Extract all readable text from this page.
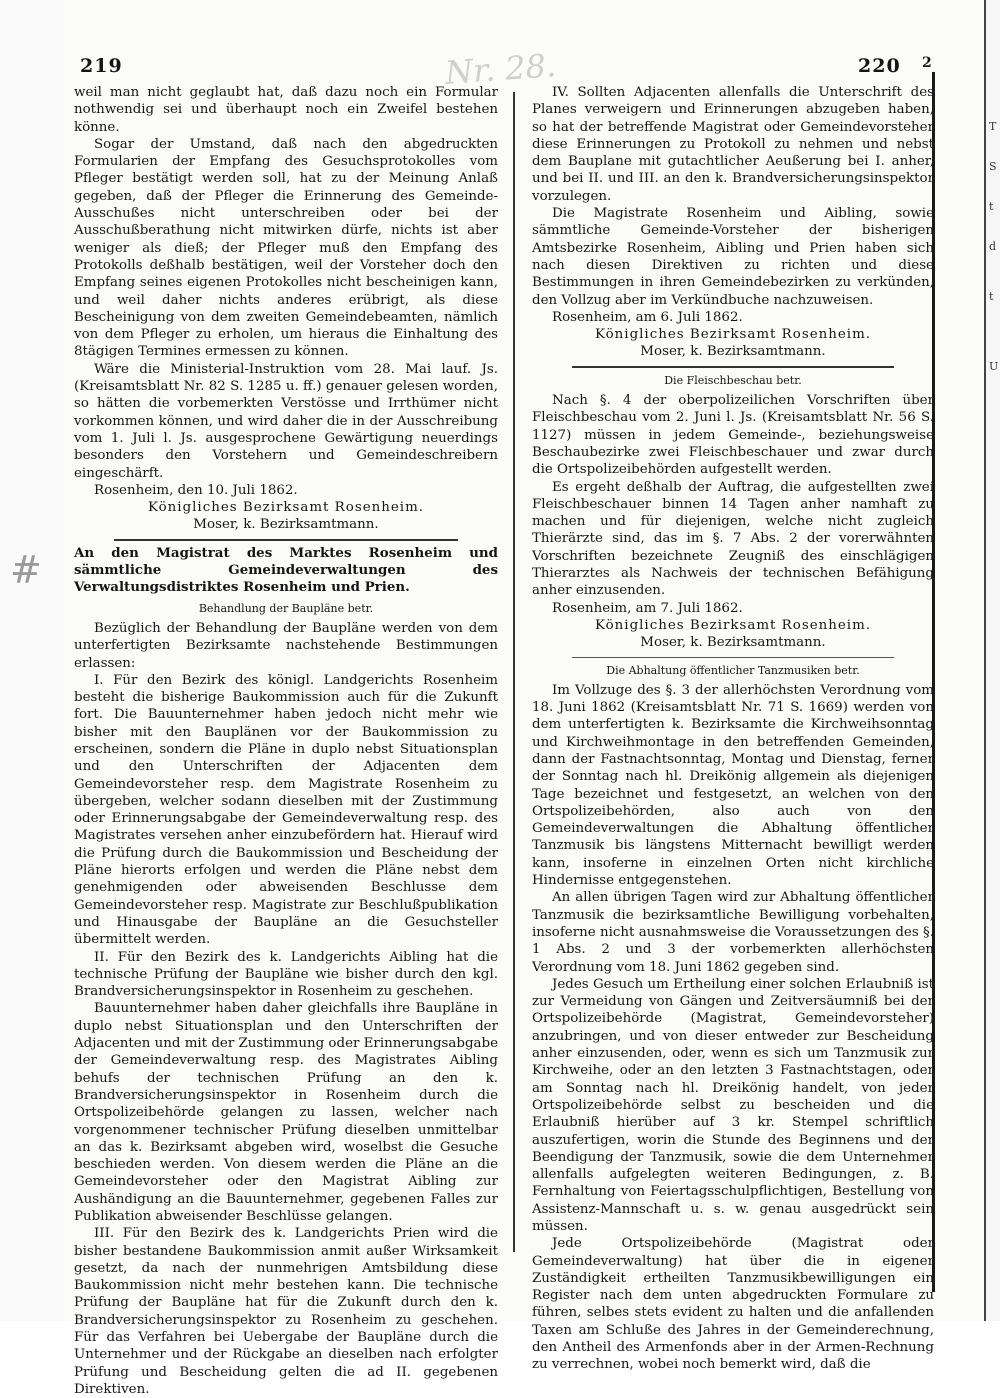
219	220 2
Nr. 28.
#
T
S
t
d
t
U

weil man nicht geglaubt hat, daß dazu noch ein Formular nothwendig sei und überhaupt noch ein Zweifel bestehen könne.

Sogar der Umstand, daß nach den abgedruckten Formularien der Empfang des Gesuchsprotokolles vom Pfleger bestätigt werden soll, hat zu der Meinung Anlaß gegeben, daß der Pfleger die Erinnerung des Gemeinde-Ausschußes nicht unterschreiben oder bei der Ausschußberathung nicht mitwirken dürfe, nichts ist aber weniger als dieß; der Pfleger muß den Empfang des Protokolls deßhalb bestätigen, weil der Vorsteher doch den Empfang seines eigenen Protokolles nicht bescheinigen kann, und weil daher nichts anderes erübrigt, als diese Bescheinigung von dem zweiten Gemeindebeamten, nämlich von dem Pfleger zu erholen, um hieraus die Einhaltung des 8tägigen Termines ermessen zu können.

Wäre die Ministerial-Instruktion vom 28. Mai lauf. Js. (Kreisamtsblatt Nr. 82 S. 1285 u. ff.) genauer gelesen worden, so hätten die vorbemerkten Verstösse und Irrthümer nicht vorkommen können, und wird daher die in der Ausschreibung vom 1. Juli l. Js. ausgesprochene Gewärtigung neuerdings besonders den Vorstehern und Gemeindeschreibern eingeschärft.

Rosenheim, den 10. Juli 1862.

Königliches Bezirksamt Rosenheim.

Moser, k. Bezirksamtmann.

An den Magistrat des Marktes Rosenheim und sämmtliche Gemeindeverwaltungen des Verwaltungsdistriktes Rosenheim und Prien.

Behandlung der Baupläne betr.

Bezüglich der Behandlung der Baupläne werden von dem unterfertigten Bezirksamte nachstehende Bestimmungen erlassen:

I. Für den Bezirk des königl. Landgerichts Rosenheim besteht die bisherige Baukommission auch für die Zukunft fort. Die Bauunternehmer haben jedoch nicht mehr wie bisher mit den Bauplänen vor der Baukommission zu erscheinen, sondern die Pläne in duplo nebst Situationsplan und den Unterschriften der Adjacenten dem Gemeindevorsteher resp. dem Magistrate Rosenheim zu übergeben, welcher sodann dieselben mit der Zustimmung oder Erinnerungsabgabe der Gemeindeverwaltung resp. des Magistrates versehen anher einzubefördern hat. Hierauf wird die Prüfung durch die Baukommission und Bescheidung der Pläne hierorts erfolgen und werden die Pläne nebst dem genehmigenden oder abweisenden Beschlusse dem Gemeindevorsteher resp. Magistrate zur Beschlußpublikation und Hinausgabe der Baupläne an die Gesuchsteller übermittelt werden.

II. Für den Bezirk des k. Landgerichts Aibling hat die technische Prüfung der Baupläne wie bisher durch den kgl. Brandversicherungsinspektor in Rosenheim zu geschehen.

Bauunternehmer haben daher gleichfalls ihre Baupläne in duplo nebst Situationsplan und den Unterschriften der Adjacenten und mit der Zustimmung oder Erinnerungsabgabe der Gemeindeverwaltung resp. des Magistrates Aibling behufs der technischen Prüfung an den k. Brandversicherungsinspektor in Rosenheim durch die Ortspolizeibehörde gelangen zu lassen, welcher nach vorgenommener technischer Prüfung dieselben unmittelbar an das k. Bezirksamt abgeben wird, woselbst die Gesuche beschieden werden. Von diesem werden die Pläne an die Gemeindevorsteher oder den Magistrat Aibling zur Aushändigung an die Bauunternehmer, gegebenen Falles zur Publikation abweisender Beschlüsse gelangen.

III. Für den Bezirk des k. Landgerichts Prien wird die bisher bestandene Baukommission anmit außer Wirksamkeit gesetzt, da nach der nunmehrigen Amtsbildung diese Baukommission nicht mehr bestehen kann. Die technische Prüfung der Baupläne hat für die Zukunft durch den k. Brandversicherungsinspektor zu Rosenheim zu geschehen. Für das Verfahren bei Uebergabe der Baupläne durch die Unternehmer und der Rückgabe an dieselben nach erfolgter Prüfung und Bescheidung gelten die ad II. gegebenen Direktiven.

IV. Sollten Adjacenten allenfalls die Unterschrift des Planes verweigern und Erinnerungen abzugeben haben, so hat der betreffende Magistrat oder Gemeindevorsteher diese Erinnerungen zu Protokoll zu nehmen und nebst dem Bauplane mit gutachtlicher Aeußerung bei I. anher, und bei II. und III. an den k. Brandversicherungsinspektor vorzulegen.

Die Magistrate Rosenheim und Aibling, sowie sämmtliche Gemeinde-Vorsteher der bisherigen Amtsbezirke Rosenheim, Aibling und Prien haben sich nach diesen Direktiven zu richten und diese Bestimmungen in ihren Gemeindebezirken zu verkünden, den Vollzug aber im Verkündbuche nachzuweisen.

Rosenheim, am 6. Juli 1862.

Königliches Bezirksamt Rosenheim.

Moser, k. Bezirksamtmann.

Die Fleischbeschau betr.

Nach §. 4 der oberpolizeilichen Vorschriften über Fleischbeschau vom 2. Juni l. Js. (Kreisamtsblatt Nr. 56 S. 1127) müssen in jedem Gemeinde-, beziehungsweise Beschaubezirke zwei Fleischbeschauer und zwar durch die Ortspolizeibehörden aufgestellt werden.

Es ergeht deßhalb der Auftrag, die aufgestellten zwei Fleischbeschauer binnen 14 Tagen anher namhaft zu machen und für diejenigen, welche nicht zugleich Thierärzte sind, das im §. 7 Abs. 2 der vorerwähnten Vorschriften bezeichnete Zeugniß des einschlägigen Thierarztes als Nachweis der technischen Befähigung anher einzusenden.

Rosenheim, am 7. Juli 1862.

Königliches Bezirksamt Rosenheim.

Moser, k. Bezirksamtmann.

Die Abhaltung öffentlicher Tanzmusiken betr.

Im Vollzuge des §. 3 der allerhöchsten Verordnung vom 18. Juni 1862 (Kreisamtsblatt Nr. 71 S. 1669) werden von dem unterfertigten k. Bezirksamte die Kirchweihsonntag und Kirchweihmontage in den betreffenden Gemeinden, dann der Fastnachtsonntag, Montag und Dienstag, ferner der Sonntag nach hl. Dreikönig allgemein als diejenigen Tage bezeichnet und festgesetzt, an welchen von den Ortspolizeibehörden, also auch von den Gemeindeverwaltungen die Abhaltung öffentlicher Tanzmusik bis längstens Mitternacht bewilligt werden kann, insoferne in einzelnen Orten nicht kirchliche Hindernisse entgegenstehen.

An allen übrigen Tagen wird zur Abhaltung öffentlicher Tanzmusik die bezirksamtliche Bewilligung vorbehalten, insoferne nicht ausnahmsweise die Voraussetzungen des §. 1 Abs. 2 und 3 der vorbemerkten allerhöchsten Verordnung vom 18. Juni 1862 gegeben sind.

Jedes Gesuch um Ertheilung einer solchen Erlaubniß ist zur Vermeidung von Gängen und Zeitversäumniß bei der Ortspolizeibehörde (Magistrat, Gemeindevorsteher) anzubringen, und von dieser entweder zur Bescheidung anher einzusenden, oder, wenn es sich um Tanzmusik zur Kirchweihe, oder an den letzten 3 Fastnachtstagen, oder am Sonntag nach hl. Dreikönig handelt, von jeder Ortspolizeibehörde selbst zu bescheiden und die Erlaubniß hierüber auf 3 kr. Stempel schriftlich auszufertigen, worin die Stunde des Beginnens und der Beendigung der Tanzmusik, sowie die dem Unternehmer allenfalls aufgelegten weiteren Bedingungen, z. B. Fernhaltung von Feiertagsschulpflichtigen, Bestellung von Assistenz-Mannschaft u. s. w. genau ausgedrückt sein müssen.

Jede Ortspolizeibehörde (Magistrat oder Gemeindeverwaltung) hat über die in eigener Zuständigkeit ertheilten Tanzmusikbewilligungen ein Register nach dem unten abgedruckten Formulare zu führen, selbes stets evident zu halten und die anfallenden Taxen am Schluße des Jahres in der Gemeinderechnung, den Antheil des Armenfonds aber in der Armen-Rechnung zu verrechnen, wobei noch bemerkt wird, daß die
